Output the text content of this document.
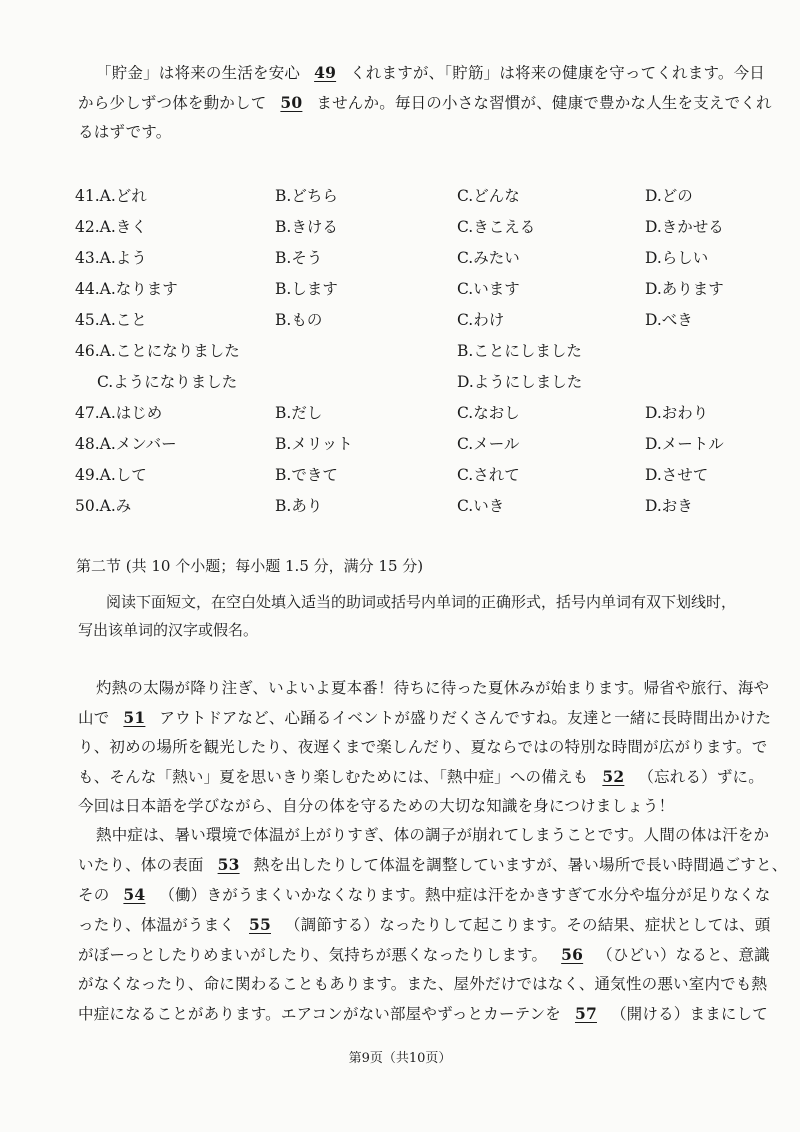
「貯金」は将来の生活を安心 49 くれますが、「貯筋」は将来の健康を守ってくれます。今日
から少しずつ体を動かして 50 ませんか。毎日の小さな習慣が、健康で豊かな人生を支えでくれ
るはずです。
41.A.どれ	B.どちら	C.どんな	D.どの
42.A.きく	B.きける	C.きこえる	D.きかせる
43.A.よう	B.そう	C.みたい	D.らしい
44.A.なります	B.します	C.います	D.あります
45.A.こと	B.もの	C.わけ	D.べき
46.A.ことになりました	B.ことにしました
C.ようになりました	D.ようにしました
47.A.はじめ	B.だし	C.なおし	D.おわり
48.A.メンバー	B.メリット	C.メール	D.メートル
49.A.して	B.できて	C.されて	D.させて
50.A.み	B.あり	C.いき	D.おき
第二节 (共 10 个小题；每小题 1.5 分，满分 15 分)
阅读下面短文，在空白处填入适当的助词或括号内单词的正确形式，括号内单词有双下划线时，
写出该单词的汉字或假名。
灼熱の太陽が降り注ぎ、いよいよ夏本番！待ちに待った夏休みが始まります。帰省や旅行、海や
山で 51 アウトドアなど、心踊るイベントが盛りだくさんですね。友達と一緒に長時間出かけた
り、初めの場所を観光したり、夜遅くまで楽しんだり、夏ならではの特別な時間が広がります。で
も、そんな「熱い」夏を思いきり楽しむためには、「熱中症」への備えも 52 （忘れる）ずに。
今回は日本語を学びながら、自分の体を守るための大切な知識を身につけましょう！
熱中症は、暑い環境で体温が上がりすぎ、体の調子が崩れてしまうことです。人間の体は汗をか
いたり、体の表面 53 熱を出したりして体温を調整していますが、暑い場所で長い時間過ごすと、
その 54 （働）きがうまくいかなくなります。熱中症は汗をかきすぎて水分や塩分が足りなくな
ったり、体温がうまく 55 （調節する）なったりして起こります。その結果、症状としては、頭
がぼーっとしたりめまいがしたり、気持ちが悪くなったりします。 56 （ひどい）なると、意識
がなくなったり、命に関わることもあります。また、屋外だけではなく、通気性の悪い室内でも熱
中症になることがあります。エアコンがない部屋やずっとカーテンを 57 （開ける）ままにして
第9页（共10页）
